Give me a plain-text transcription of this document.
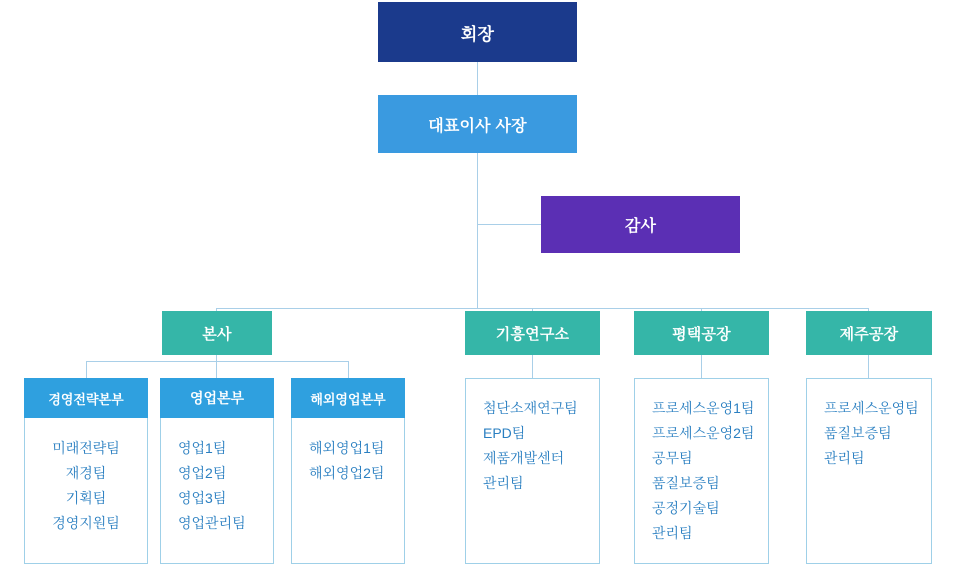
회장
대표이사 사장
감사
본사	기흥연구소	평택공장	제주공장
경영전략본부
미래전략팀
재경팀
기획팀
경영지원팀
영업본부
영업1팀
영업2팀
영업3팀
영업관리팀
해외영업본부
해외영업1팀
해외영업2팀
첨단소재연구팀
EPD팀
제품개발센터
관리팀
프로세스운영1팀
프로세스운영2팀
공무팀
품질보증팀
공정기술팀
관리팀
프로세스운영팀
품질보증팀
관리팀
